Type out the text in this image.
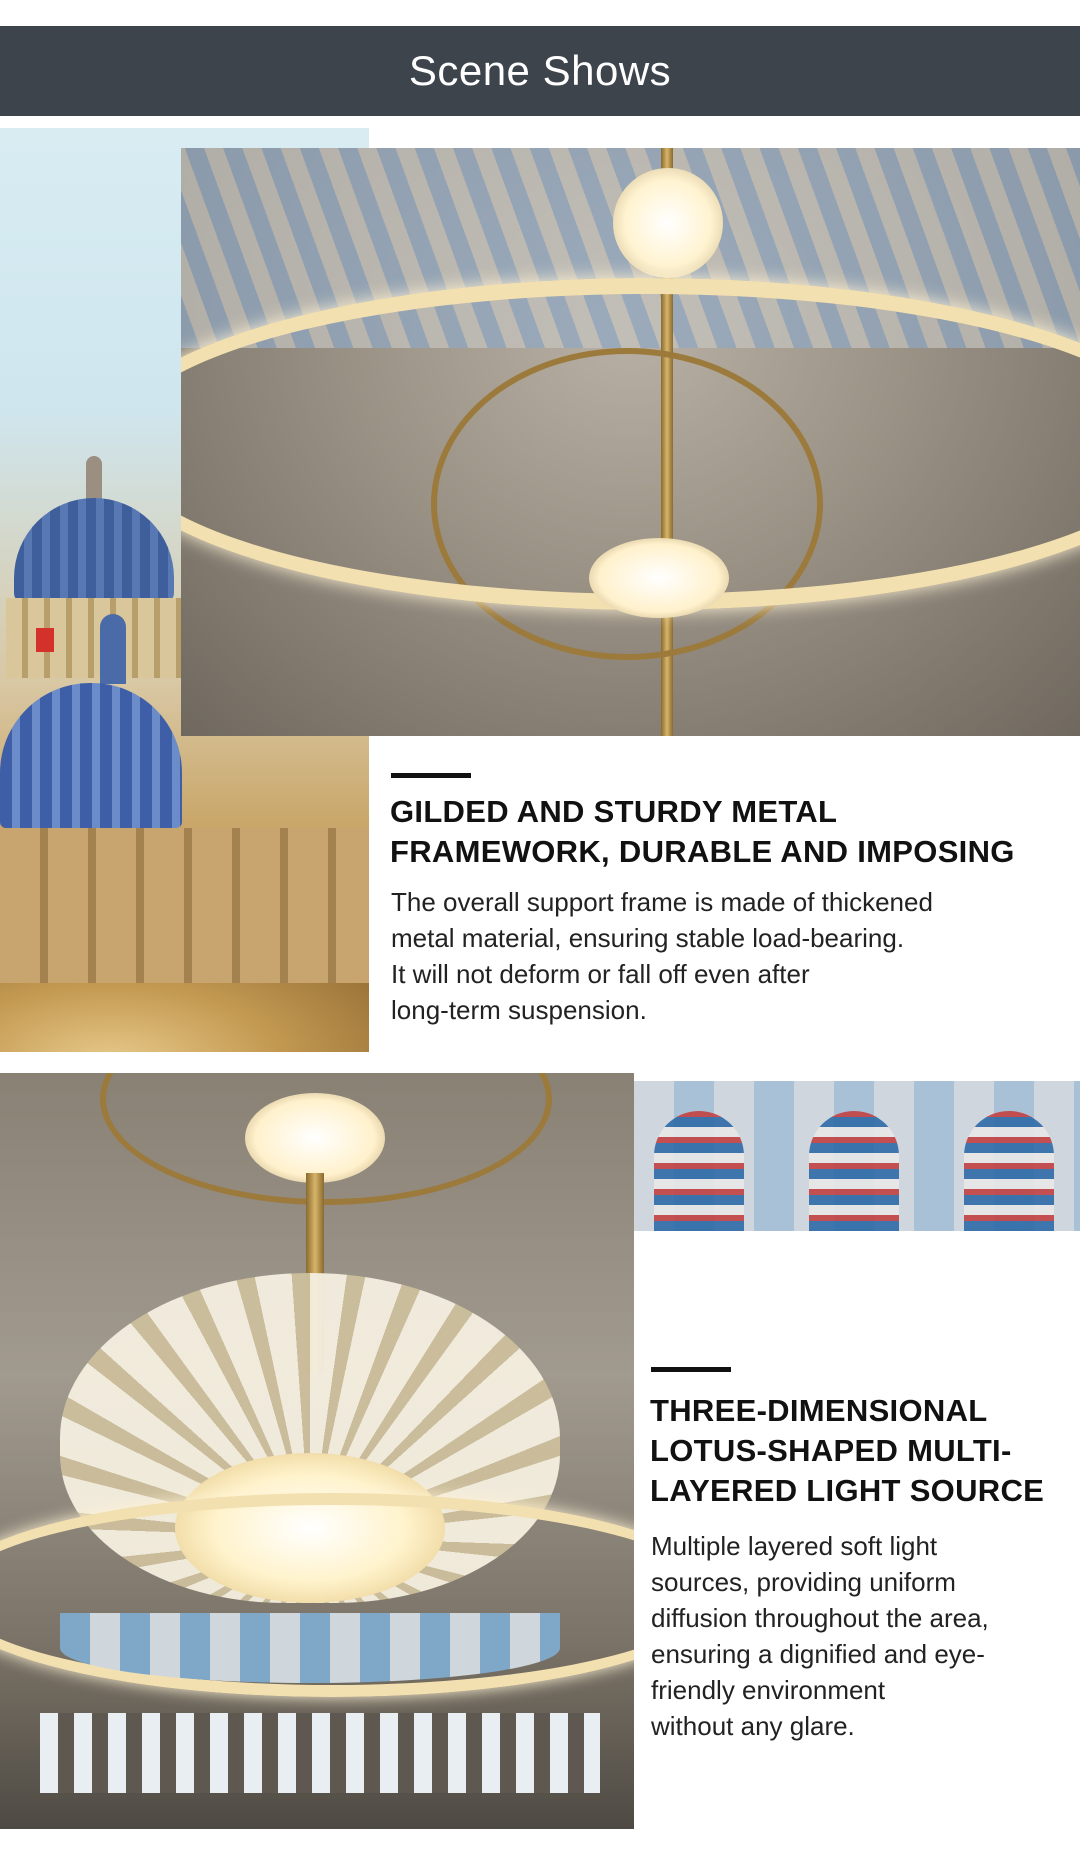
Scene Shows
GILDED AND STURDY METAL
FRAMEWORK, DURABLE AND IMPOSING
The overall support frame is made of thickened
metal material, ensuring stable load-bearing.
It will not deform or fall off even after
long-term suspension.
THREE-DIMENSIONAL
LOTUS-SHAPED MULTI-
LAYERED LIGHT SOURCE
Multiple layered soft light
sources, providing uniform
diffusion throughout the area,
ensuring a dignified and eye-
friendly environment
without any glare.
